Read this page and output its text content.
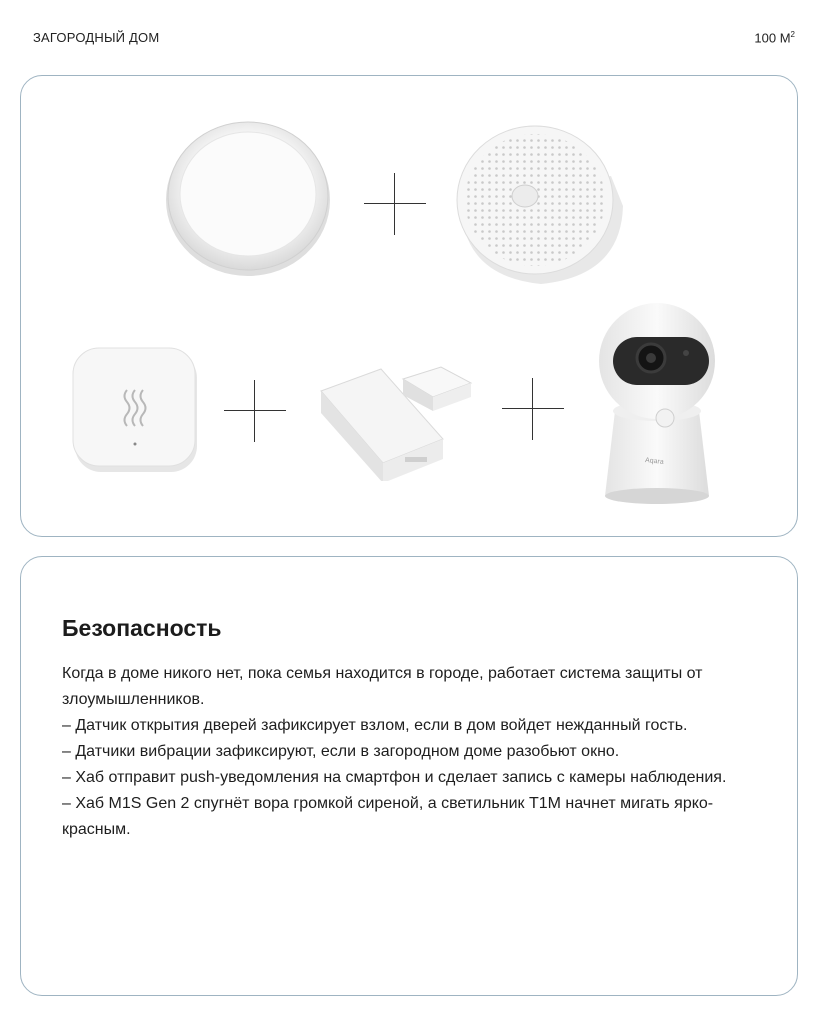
ЗАГОРОДНЫЙ ДОМ	100 $М^2$
Aqara
Безопасность

Когда в доме никого нет, пока семья находится в городе, работает система защиты от злоумышленников.

– Датчик открытия дверей зафиксирует взлом, если в дом войдет нежданный гость.

– Датчики вибрации зафиксируют, если в загородном доме разобьют окно.

– Хаб отправит push-уведомления на смартфон и сделает запись с камеры наблюдения.

– Хаб M1S Gen 2 спугнёт вора громкой сиреной, а светильник T1M начнет мигать ярко-красным.
